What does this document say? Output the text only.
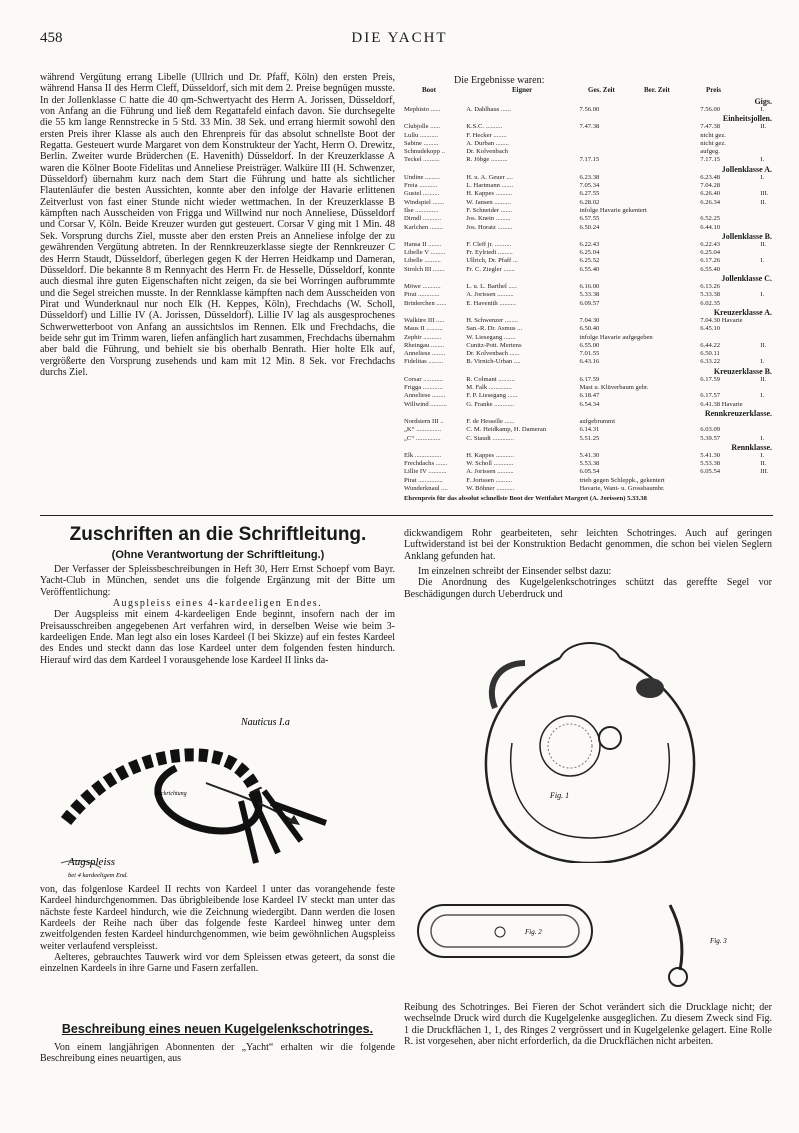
458	DIE YACHT

während Vergütung errang Libelle (Ullrich und Dr. Pfaff, Köln) den ersten Preis, während Hansa II des Herrn Cleff, Düsseldorf, sich mit dem 2. Preise begnügen musste. In der Jollenklasse C hatte die 40 qm-Schwertyacht des Herrn A. Jorissen, Düsseldorf, von Anfang an die Führung und ließ dem Regattafeld einfach davon. Sie durchsegelte die 55 km lange Rennstrecke in 5 Std. 33 Min. 38 Sek. und errang hiermit sowohl den ersten Preis ihrer Klasse als auch den Ehrenpreis für das absolut schnellste Boot der Regatta. Gesteuert wurde Margaret von dem Konstrukteur der Yacht, Herrn O. Drewitz, Berlin. Zweiter wurde Brüderchen (E. Havenith) Düsseldorf. In der Kreuzerklasse A waren die Kölner Boote Fidelitas und Anneliese Preisträger. Walküre III (H. Schwenzer, Düsseldorf) übernahm kurz nach dem Start die Führung und hatte als sichtlicher Flautenläufer die besten Aussichten, konnte aber den infolge der Havarie erlittenen Zeitverlust von fast einer Stunde nicht wieder wettmachen. In der Kreuzerklasse B kämpften nach Ausscheiden von Frigga und Willwind nur noch Anneliese, Düsseldorf und Corsar V, Köln. Beide Kreuzer wurden gut gesteuert. Corsar V ging mit 1 Min. 48 Sek. Vorsprung durchs Ziel, musste aber den ersten Preis an Anneliese infolge der zu gewährenden Vergütung abtreten. In der Rennkreuzerklasse siegte der Rennkreuzer C des Herrn Staudt, Düsseldorf, überlegen gegen K der Herren Heidkamp und Dameran, Düsseldorf. Die bekannte 8 m Rennyacht des Herrn Fr. de Hesselle, Düsseldorf, konnte auch diesmal ihre guten Eigenschaften nicht zeigen, da sie bei Worringen aufbrummte und die Segel streichen musste. In der Rennklasse kämpften nach dem Ausscheiden von Pirat und Wunderknaul nur noch Elk (H. Keppes, Köln), Frechdachs (W. Scholl, Düsseldorf) und Lillie IV (A. Jorissen, Düsseldorf). Lillie IV lag als ausgesprochenes Schwerwetterboot von Anfang an aussichtslos im Rennen. Elk und Frechdachs, die beide sehr gut im Trimm waren, liefen anfänglich hart zusammen, Frechdachs übernahm aber bald die Führung, und behielt sie bis oberhalb Benrath. Hier holte Elk auf, vergrößerte den Vorsprung zusehends und kam mit 12 Min. 8 Sek. vor Frechdachs durchs Ziel.

Die Ergebnisse waren:
Boot	Eigner	Ges. Zeit	Ber. Zeit	Preis
Gigs.				
Mephisto ......	A. Dahlhaus ......	7.56.00	7.56.00	I.
Einheitsjollen.				
Clubjolle ......	K.S.C. ..........	7.47.38	7.47.38	II.
Lullu ...........	F. Hecker ........		nicht gez.	
Sabine .........	A. Durban ........		nicht gez.	
Schnudekopp ..	Dr. Kolvenbach		aufgeg.	
Teckel ..........	R. Jöbge ..........	7.17.15	7.17.15	I.
Jollenklasse A.				
Undine .........	H. u. A. Geuer ....	6.23.38	6.23.48	I.
Freia ...........	L. Hartmann .......	7.05.34	7.04.28	
Gustel ..........	H. Kappes ..........	6.27.55	6.26.40	III.
Windspiel .......	W. Jansen ..........	6.28.02	6.26.34	II.
Ilse ..............	F. Schneider .......	infolge Havarie gekentert		
Dirndl ...........	Jos. Knein .........	6.57.55	6.52.25	
Karlchen ........	Jos. Horatz .........	6.50.24	6.44.10	
Jollenklasse B.				
Hansa II ........	F. Cleff jr. ..........	6.22.43	6.22.43	II.
Libelle V .........	Fr. Eylriedt .........	6.25.04	6.25.04	
Libelle ..........	Ullrich, Dr. Pfaff ...	6.25.52	6.17.26	I.
Strolch III .......	Fr. C. Ziegler .......	6.55.40	6.55.40	
Jollenklasse C.				
Möwe ...........	L. u. L. Barthel .....	6.16.00	6.13.26	
Pirat .............	A. Jorissen ..........	5.33.38	5.33.38	I.
Brüderchen ......	E. Havenith ..........	6.09.57	6.02.35	
Kreuzerklasse A.				
Walküre III .....	H. Schwenzer ........	7.04.30	7.04.30 Havarie	
Maus II ..........	San.-R. Dr. Asmus ...	6.50.40	6.45.10	
Zephir ...........	W. Liesegang .......	infolge Havarie aufgegeben		
Rheingau ........	Cunitz-Pott. Mertens	6.55.00	6.44.22	II.
Anneliese ........	Dr. Kolvenbach ......	7.01.55	6.50.11	
Fidelitas .........	B. Virnich-Urban ....	6.43.16	6.33.22	I.
Kreuzerklasse B.				
Corsar ............	R. Colmant ..........	6.17.59	6.17.59	II.
Frigga ............	M. Falk ..............	Mast u. Klüverbaum gebr.		
Anneliese ........	F. P. Liesegang ......	6.18.47	6.17.57	I.
Willwind ..........	G. Franke ............	6.54.34	6.41.38 Havarie	
Rennkreuzerklasse.				
Nordstern III ..	F. de Hesselle ......	aufgebrummt		
„K“ ...............	C. M. Heidkamp, H. Dameran	6.14.31	6.03.09	
„C“ ...............	C. Staudt .............	5.51.25	5.39.57	I.
Rennklasse.				
Elk ................	H. Kappes ...........	5.41.30	5.41.30	I.
Frechdachs .......	W. Scholl ............	5.53.38	5.53.38	II.
Lillie IV ...........	A. Jorissen ..........	6.05.54	6.05.54	III.
Pirat ...............	F. Jorissen ..........	trieb gegen Schleppk., gekentert		
Wunderknaul ....	W. Böhner ...........	Havarie, Want- u. Grossbaumbr.		
Ehrenpreis für das absolut schnellste Boot der Wettfahrt Margret (A. Jorissen) 5.33.38
Zuschriften an die Schriftleitung.
(Ohne Verantwortung der Schriftleitung.)

Der Verfasser der Spleissbeschreibungen in Heft 30, Herr Ernst Schoepf vom Bayr. Yacht-Club in München, sendet uns die folgende Ergänzung mit der Bitte um Veröffentlichung:

Augspleiss eines 4-kardeeligen Endes.

Der Augspleiss mit einem 4-kardeeligen Ende beginnt, insofern nach der im Preisausschreiben angegebenen Art verfahren wird, in derselben Weise wie beim 3-kardeeligen Ende. Man legt also ein loses Kardeel (I bei Skizze) auf ein festes Kardeel des Endes und steckt dann das lose Kardeel unter dem folgenden festen hindurch. Hierauf wird das dem Kardeel I vorausgehende lose Kardeel II links da-

Nauticus I.a
Blickrichtung
Augspleiss
bei 4 kardeeligem End.

von, das folgenlose Kardeel II rechts von Kardeel I unter das vorangehende feste Kardeel hindurchgenommen. Das übrigbleibende lose Kardeel IV steckt man unter das nächste feste Kardeel hindurch, wie die Zeichnung wiedergibt. Dann werden die losen Kardeels der Reihe nach über das folgende feste Kardeel hinweg unter dem zweitfolgenden festen Kardeel hindurchgenommen, wie beim gewöhnlichen Augspleiss weiter verlaufend verspleisst.

Aelteres, gebrauchtes Tauwerk wird vor dem Spleissen etwas geteert, da sonst die einzelnen Kardeels in ihre Garne und Fasern zerfallen.

Beschreibung eines neuen Kugelgelenkschotringes.

Von einem langjährigen Abonnenten der „Yacht“ erhalten wir die folgende Beschreibung eines neuartigen, aus

dickwandigem Rohr gearbeiteten, sehr leichten Schotringes. Auch auf geringen Luftwiderstand ist bei der Konstruktion Bedacht genommen, die schon bei vielen Seglern Anklang gefunden hat.

Im einzelnen schreibt der Einsender selbst dazu:

Die Anordnung des Kugelgelenkschotringes schützt das gereffte Segel vor Beschädigungen durch Ueberdruck und

Fig. 1
Fig. 2
Fig. 3

Reibung des Schotringes. Bei Fieren der Schot verändert sich die Drucklage nicht; der wechselnde Druck wird durch die Kugelgelenke ausgeglichen. Zu diesem Zweck sind Fig. 1 die Druckflächen 1, 1, des Ringes 2 vergrössert und in Kugelgelenke gelagert. Eine Rolle R. ist vorgesehen, aber nicht erforderlich, da die Druckflächen nicht arbeiten.
